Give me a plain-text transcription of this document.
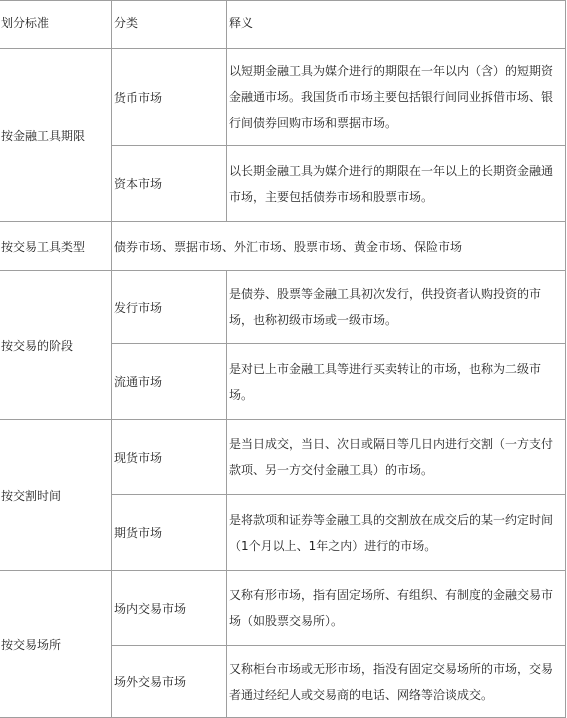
划分标准	分类	释义
按金融工具期限	货币市场	以短期金融工具为媒介进行的期限在一年以内（含）的短期资金融通市场。我国货币市场主要包括银行间同业拆借市场、银行间债券回购市场和票据市场。
	资本市场	以长期金融工具为媒介进行的期限在一年以上的长期资金融通市场，主要包括债券市场和股票市场。
按交易工具类型	债券市场、票据市场、外汇市场、股票市场、黄金市场、保险市场	
按交易的阶段	发行市场	是债券、股票等金融工具初次发行，供投资者认购投资的市场，也称初级市场或一级市场。
	流通市场	是对已上市金融工具等进行买卖转让的市场，也称为二级市场。
按交割时间	现货市场	是当日成交，当日、次日或隔日等几日内进行交割（一方支付款项、另一方交付金融工具）的市场。
	期货市场	是将款项和证券等金融工具的交割放在成交后的某一约定时间（1个月以上、1年之内）进行的市场。
按交易场所	场内交易市场	又称有形市场，指有固定场所、有组织、有制度的金融交易市场（如股票交易所）。
	场外交易市场	又称柜台市场或无形市场，指没有固定交易场所的市场，交易者通过经纪人或交易商的电话、网络等洽谈成交。
